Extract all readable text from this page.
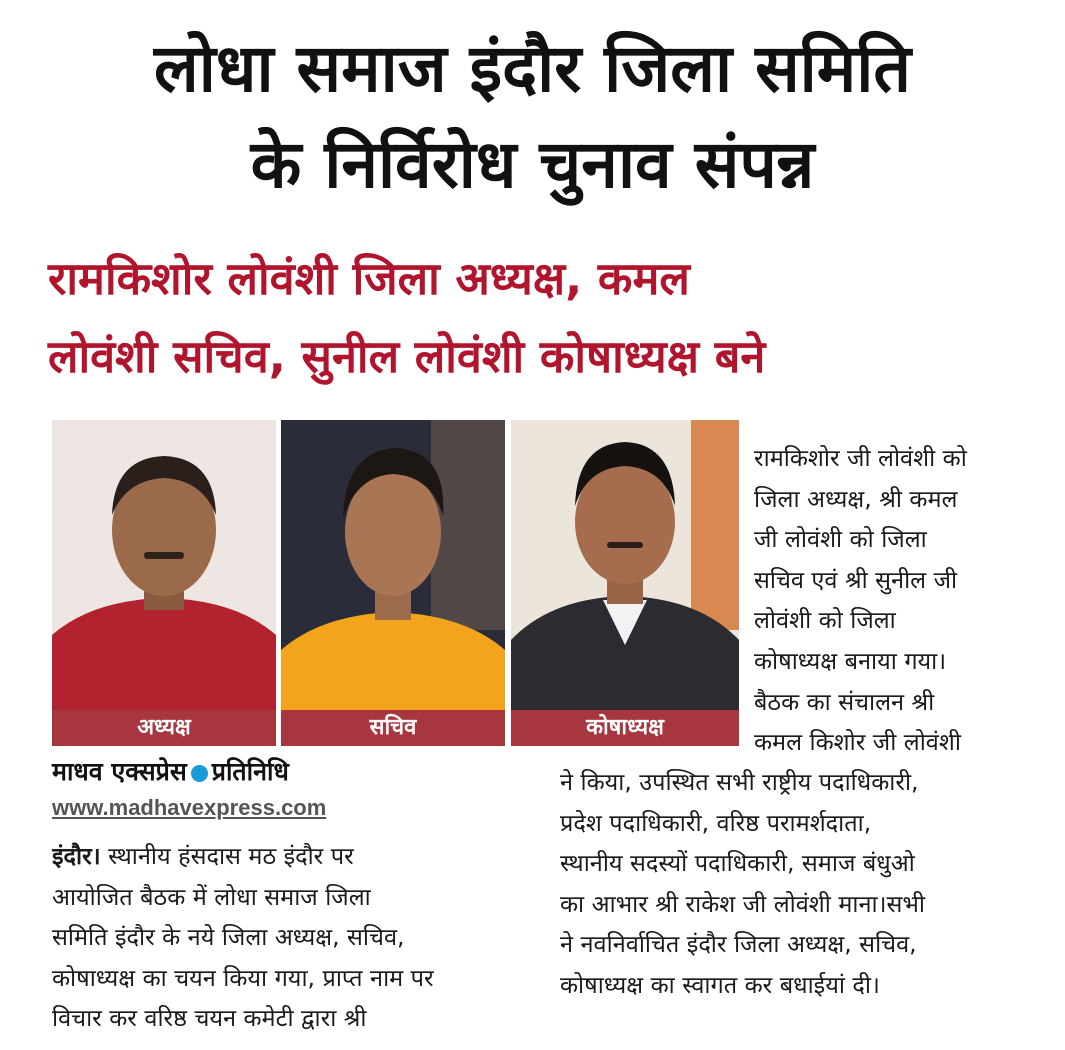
लोधा समाज इंदौर जिला समिति
के निर्विरोध चुनाव संपन्न
रामकिशोर लोवंशी जिला अध्यक्ष, कमल
लोवंशी सचिव, सुनील लोवंशी कोषाध्यक्ष बने
अध्यक्ष	सचिव	कोषाध्यक्ष
माधव एक्सप्रेस प्रतिनिधि
www.madhavexpress.com

रामकिशोर जी लोवंशी को

जिला अध्यक्ष, श्री कमल

जी लोवंशी को जिला

सचिव एवं श्री सुनील जी

लोवंशी को जिला

कोषाध्यक्ष बनाया गया।

बैठक का संचालन श्री

कमल किशोर जी लोवंशी

ने किया, उपस्थित सभी राष्ट्रीय पदाधिकारी,

प्रदेश पदाधिकारी, वरिष्ठ परामर्शदाता,

स्थानीय सदस्यों पदाधिकारी, समाज बंधुओ

का आभार श्री राकेश जी लोवंशी माना।सभी

ने नवनिर्वाचित इंदौर जिला अध्यक्ष, सचिव,

कोषाध्यक्ष का स्वागत कर बधाईयां दी।

इंदौर। स्थानीय हंसदास मठ इंदौर पर

आयोजित बैठक में लोधा समाज जिला

समिति इंदौर के नये जिला अध्यक्ष, सचिव,

कोषाध्यक्ष का चयन किया गया, प्राप्त नाम पर

विचार कर वरिष्ठ चयन कमेटी द्वारा श्री
